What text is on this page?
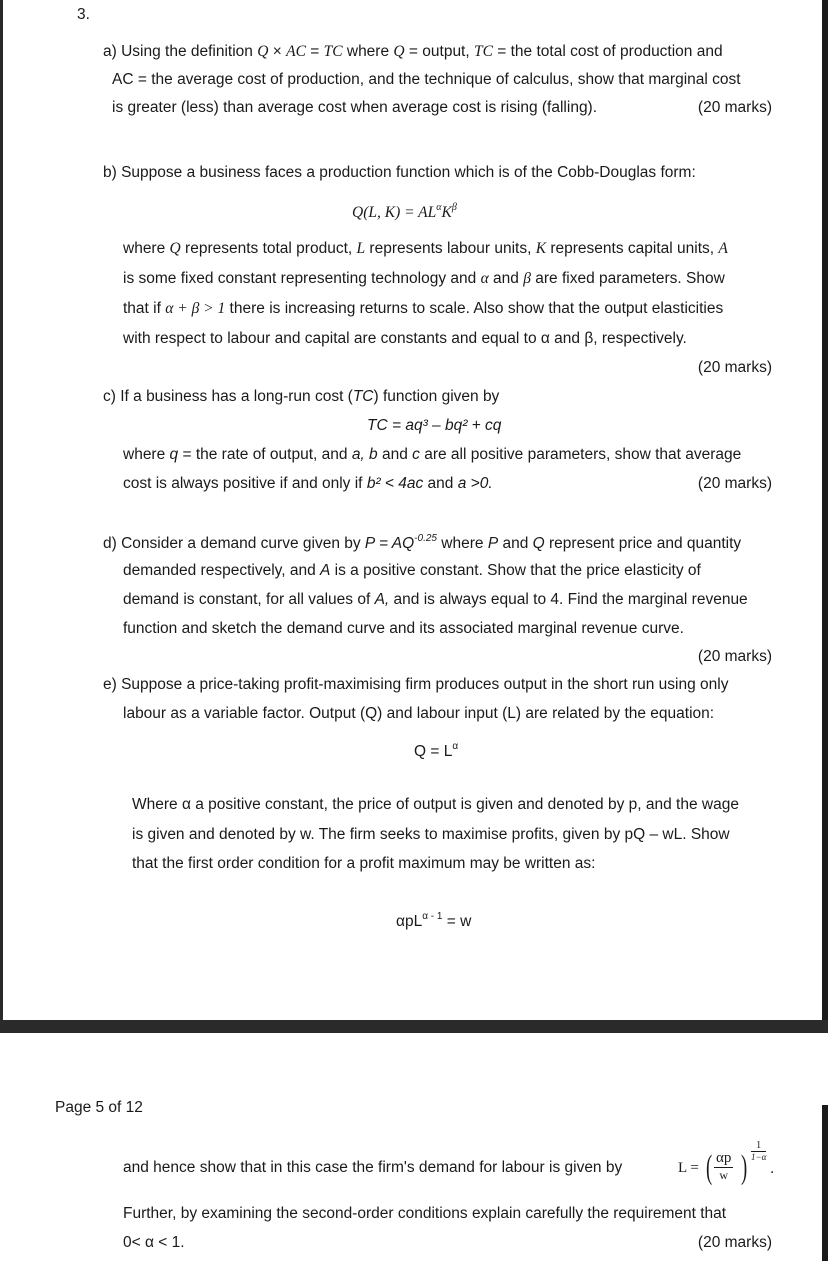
3.
a) Using the definition Q × AC = TC where Q = output, TC = the total cost of production and
AC = the average cost of production, and the technique of calculus, show that marginal cost
is greater (less) than average cost when average cost is rising (falling).	(20 marks)
b) Suppose a business faces a production function which is of the Cobb-Douglas form:
Q(L, $K) = AL^\alpha K^\beta$
where Q represents total product, L represents labour units, K represents capital units, A
is some fixed constant representing technology and α and β are fixed parameters. Show
that if α + β > 1 there is increasing returns to scale. Also show that the output elasticities
with respect to labour and capital are constants and equal to α and β, respectively.
(20 marks)
c) If a business has a long-run cost (TC) function given by
TC = aq³ – bq² + cq
where q = the rate of output, and a, b and c are all positive parameters, show that average
cost is always positive if and only if b² < 4ac and a >0.	(20 marks)
d) Consider a demand curve given by $P = AQ^{-0.25}$ where P and Q represent price and quantity
demanded respectively, and A is a positive constant. Show that the price elasticity of
demand is constant, for all values of A, and is always equal to 4. Find the marginal revenue
function and sketch the demand curve and its associated marginal revenue curve.
(20 marks)
e) Suppose a price-taking profit-maximising firm produces output in the short run using only
labour as a variable factor. Output (Q) and labour input (L) are related by the equation:
$Q = L^\alpha$
Where α a positive constant, the price of output is given and denoted by p, and the wage
is given and denoted by w. The firm seeks to maximise profits, given by pQ – wL. Show
that the first order condition for a profit maximum may be written as:
αpL$^{\alpha - 1}$ = w
Page 5 of 12
and hence show that in this case the firm's demand for labour is given by	L = ( αp
w ) $\frac{1}{1-\alpha}$
.
Further, by examining the second-order conditions explain carefully the requirement that
0< α < 1.	(20 marks)
